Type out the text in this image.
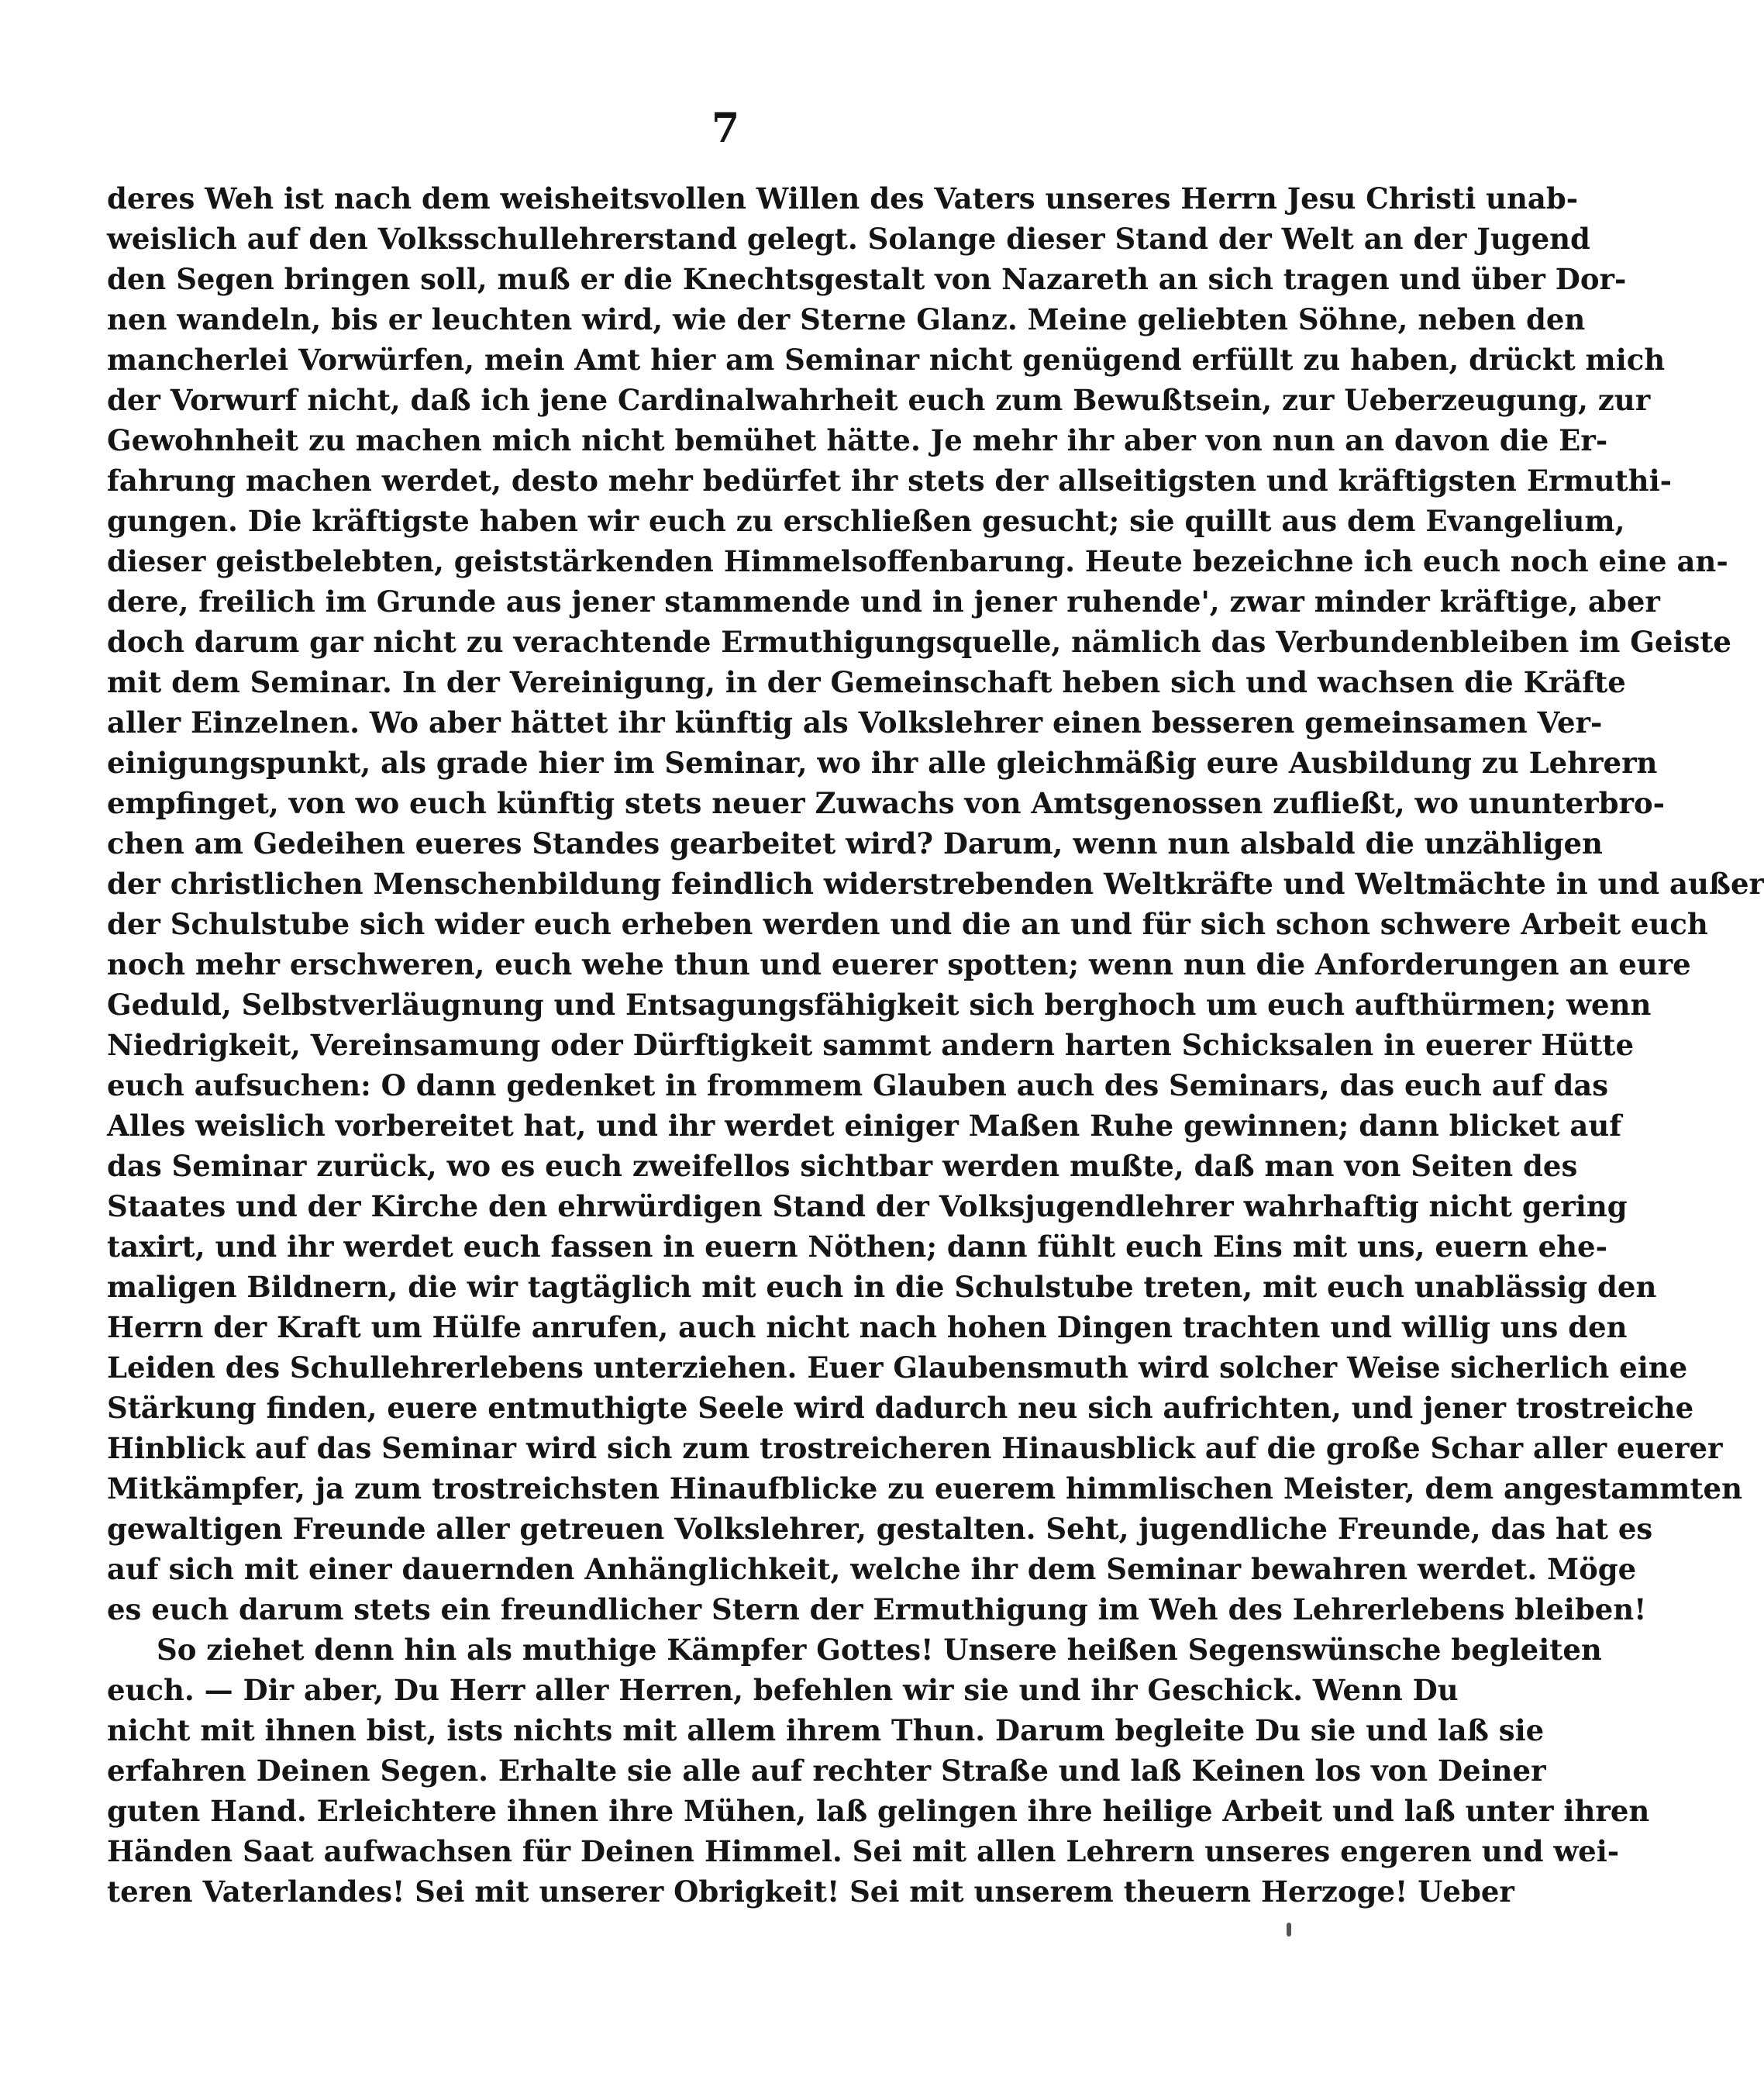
7
deres Weh ist nach dem weisheitsvollen Willen des Vaters unseres Herrn Jesu Christi unab-
weislich auf den Volksschullehrerstand gelegt. Solange dieser Stand der Welt an der Jugend
den Segen bringen soll, muß er die Knechtsgestalt von Nazareth an sich tragen und über Dor-
nen wandeln, bis er leuchten wird, wie der Sterne Glanz. Meine geliebten Söhne, neben den
mancherlei Vorwürfen, mein Amt hier am Seminar nicht genügend erfüllt zu haben, drückt mich
der Vorwurf nicht, daß ich jene Cardinalwahrheit euch zum Bewußtsein, zur Ueberzeugung, zur
Gewohnheit zu machen mich nicht bemühet hätte. Je mehr ihr aber von nun an davon die Er-
fahrung machen werdet, desto mehr bedürfet ihr stets der allseitigsten und kräftigsten Ermuthi-
gungen. Die kräftigste haben wir euch zu erschließen gesucht; sie quillt aus dem Evangelium,
dieser geistbelebten, geiststärkenden Himmelsoffenbarung. Heute bezeichne ich euch noch eine an-
dere, freilich im Grunde aus jener stammende und in jener ruhende', zwar minder kräftige, aber
doch darum gar nicht zu verachtende Ermuthigungsquelle, nämlich das Verbundenbleiben im Geiste
mit dem Seminar. In der Vereinigung, in der Gemeinschaft heben sich und wachsen die Kräfte
aller Einzelnen. Wo aber hättet ihr künftig als Volkslehrer einen besseren gemeinsamen Ver-
einigungspunkt, als grade hier im Seminar, wo ihr alle gleichmäßig eure Ausbildung zu Lehrern
empfinget, von wo euch künftig stets neuer Zuwachs von Amtsgenossen zufließt, wo ununterbro-
chen am Gedeihen eueres Standes gearbeitet wird? Darum, wenn nun alsbald die unzähligen
der christlichen Menschenbildung feindlich widerstrebenden Weltkräfte und Weltmächte in und außer
der Schulstube sich wider euch erheben werden und die an und für sich schon schwere Arbeit euch
noch mehr erschweren, euch wehe thun und euerer spotten; wenn nun die Anforderungen an eure
Geduld, Selbstverläugnung und Entsagungsfähigkeit sich berghoch um euch aufthürmen; wenn
Niedrigkeit, Vereinsamung oder Dürftigkeit sammt andern harten Schicksalen in euerer Hütte
euch aufsuchen: O dann gedenket in frommem Glauben auch des Seminars, das euch auf das
Alles weislich vorbereitet hat, und ihr werdet einiger Maßen Ruhe gewinnen; dann blicket auf
das Seminar zurück, wo es euch zweifellos sichtbar werden mußte, daß man von Seiten des
Staates und der Kirche den ehrwürdigen Stand der Volksjugendlehrer wahrhaftig nicht gering
taxirt, und ihr werdet euch fassen in euern Nöthen; dann fühlt euch Eins mit uns, euern ehe-
maligen Bildnern, die wir tagtäglich mit euch in die Schulstube treten, mit euch unablässig den
Herrn der Kraft um Hülfe anrufen, auch nicht nach hohen Dingen trachten und willig uns den
Leiden des Schullehrerlebens unterziehen. Euer Glaubensmuth wird solcher Weise sicherlich eine
Stärkung finden, euere entmuthigte Seele wird dadurch neu sich aufrichten, und jener trostreiche
Hinblick auf das Seminar wird sich zum trostreicheren Hinausblick auf die große Schar aller euerer
Mitkämpfer, ja zum trostreichsten Hinaufblicke zu euerem himmlischen Meister, dem angestammten
gewaltigen Freunde aller getreuen Volkslehrer, gestalten. Seht, jugendliche Freunde, das hat es
auf sich mit einer dauernden Anhänglichkeit, welche ihr dem Seminar bewahren werdet. Möge
es euch darum stets ein freundlicher Stern der Ermuthigung im Weh des Lehrerlebens bleiben!
So ziehet denn hin als muthige Kämpfer Gottes! Unsere heißen Segenswünsche begleiten
euch. — Dir aber, Du Herr aller Herren, befehlen wir sie und ihr Geschick. Wenn Du
nicht mit ihnen bist, ists nichts mit allem ihrem Thun. Darum begleite Du sie und laß sie
erfahren Deinen Segen. Erhalte sie alle auf rechter Straße und laß Keinen los von Deiner
guten Hand. Erleichtere ihnen ihre Mühen, laß gelingen ihre heilige Arbeit und laß unter ihren
Händen Saat aufwachsen für Deinen Himmel. Sei mit allen Lehrern unseres engeren und wei-
teren Vaterlandes! Sei mit unserer Obrigkeit! Sei mit unserem theuern Herzoge! Ueber
